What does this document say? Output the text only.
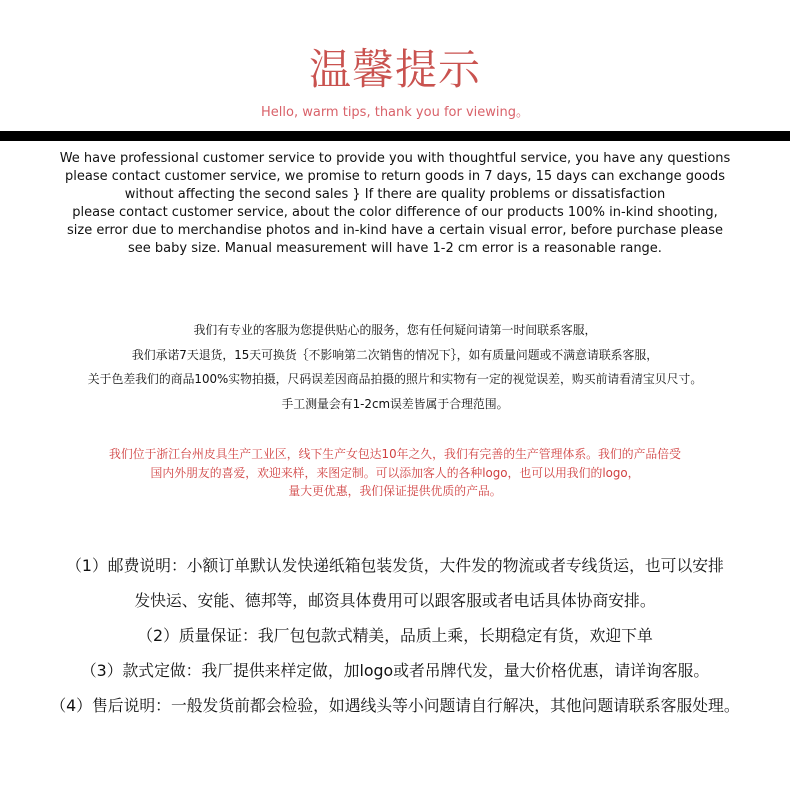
温馨提示
Hello, warm tips, thank you for viewing。
We have professional customer service to provide you with thoughtful service, you have any questions
please contact customer service, we promise to return goods in 7 days, 15 days can exchange goods
without affecting the second sales } If there are quality problems or dissatisfaction
please contact customer service, about the color difference of our products 100% in-kind shooting,
size error due to merchandise photos and in-kind have a certain visual error, before purchase please
see baby size. Manual measurement will have 1-2 cm error is a reasonable range.
我们有专业的客服为您提供贴心的服务，您有任何疑问请第一时间联系客服，
我们承诺7天退货，15天可换货｛不影响第二次销售的情况下｝，如有质量问题或不满意请联系客服，
关于色差我们的商品100%实物拍摄，尺码误差因商品拍摄的照片和实物有一定的视觉误差，购买前请看清宝贝尺寸。
手工测量会有1-2cm误差皆属于合理范围。
我们位于浙江台州皮具生产工业区，线下生产女包达10年之久，我们有完善的生产管理体系。我们的产品倍受
国内外朋友的喜爱，欢迎来样，来图定制。可以添加客人的各种logo，也可以用我们的logo，
量大更优惠，我们保证提供优质的产品。
（1）邮费说明：小额订单默认发快递纸箱包装发货，大件发的物流或者专线货运，也可以安排
发快运、安能、德邦等，邮资具体费用可以跟客服或者电话具体协商安排。
（2）质量保证：我厂包包款式精美，品质上乘，长期稳定有货，欢迎下单
（3）款式定做：我厂提供来样定做，加logo或者吊牌代发，量大价格优惠，请详询客服。
（4）售后说明：一般发货前都会检验，如遇线头等小问题请自行解决，其他问题请联系客服处理。
